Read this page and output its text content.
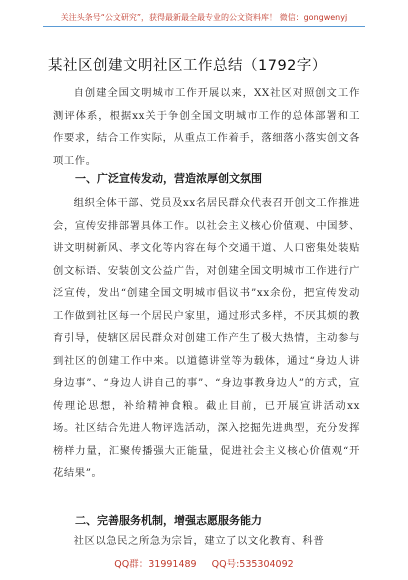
关注头条号“公文研究”，获得最新最全最专业的公文资料库！ 微信：gongwenyj
某社区创建文明社区工作总结（1792字）

自创建全国文明城市工作开展以来，XX社区对照创文工作测评体系，根据xx关于争创全国文明城市工作的总体部署和工作要求，结合工作实际，从重点工作着手，落细落小落实创文各项工作。

一、广泛宣传发动，营造浓厚创文氛围

组织全体干部、党员及xx名居民群众代表召开创文工作推进会，宣传安排部署具体工作。以社会主义核心价值观、中国梦、讲文明树新风、孝文化等内容在每个交通干道、人口密集处装贴创文标语、安装创文公益广告，对创建全国文明城市工作进行广泛宣传，发出“创建全国文明城市倡议书”xx余份，把宣传发动工作做到社区每一个居民户家里，通过形式多样，不厌其烦的教育引导，使辖区居民群众对创建工作产生了极大热情，主动参与到社区的创建工作中来。以道德讲堂等为载体，通过“身边人讲身边事”、“身边人讲自己的事”、“身边事教身边人”的方式，宣传理论思想，补给精神食粮。截止目前，已开展宣讲活动xx场。社区结合先进人物评选活动，深入挖掘先进典型，充分发挥榜样力量，汇聚传播强大正能量，促进社会主义核心价值观“开花结果”。

二、完善服务机制，增强志愿服务能力

社区以急民之所急为宗旨，建立了以文化教育、科普

QQ群：31991489 QQ号:535304092
